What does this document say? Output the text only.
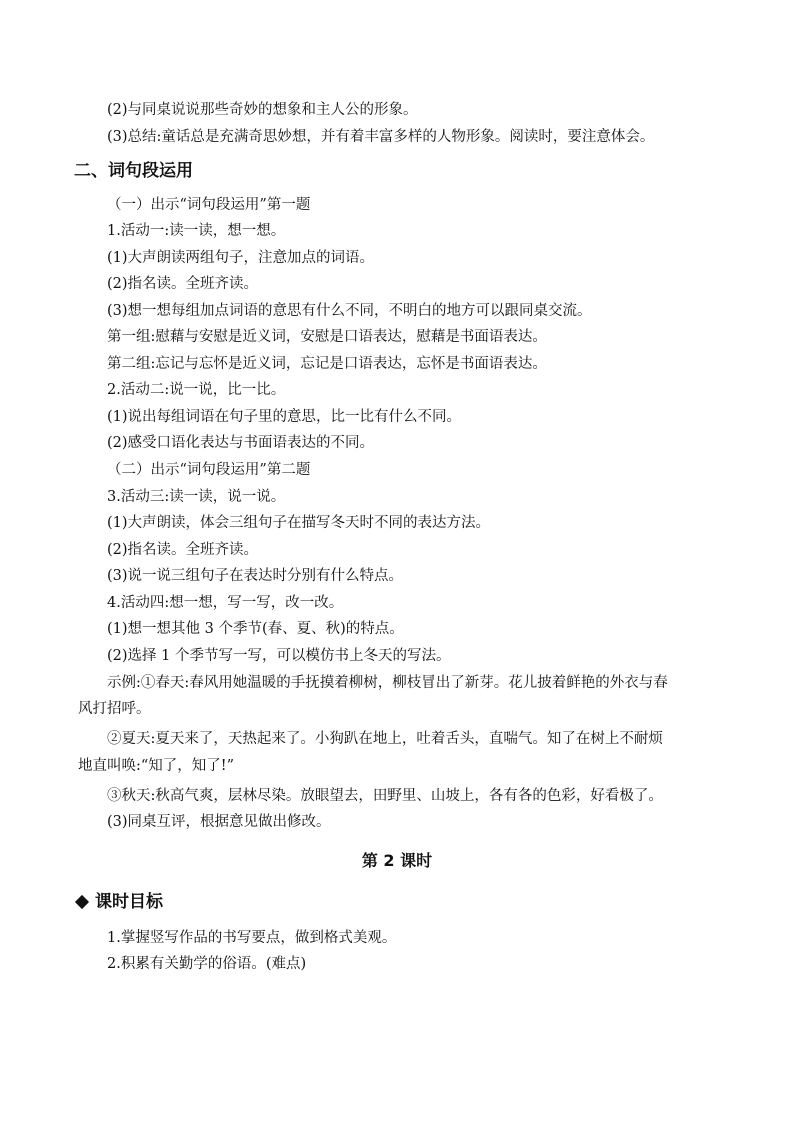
(2)与同桌说说那些奇妙的想象和主人公的形象。
(3)总结:童话总是充满奇思妙想，并有着丰富多样的人物形象。阅读时，要注意体会。
二、词句段运用
（一）出示“词句段运用”第一题
1.活动一:读一读，想一想。
(1)大声朗读两组句子，注意加点的词语。
(2)指名读。全班齐读。
(3)想一想每组加点词语的意思有什么不同，不明白的地方可以跟同桌交流。
第一组:慰藉与安慰是近义词，安慰是口语表达，慰藉是书面语表达。
第二组:忘记与忘怀是近义词，忘记是口语表达，忘怀是书面语表达。
2.活动二:说一说，比一比。
(1)说出每组词语在句子里的意思，比一比有什么不同。
(2)感受口语化表达与书面语表达的不同。
（二）出示“词句段运用”第二题
3.活动三:读一读，说一说。
(1)大声朗读，体会三组句子在描写冬天时不同的表达方法。
(2)指名读。全班齐读。
(3)说一说三组句子在表达时分别有什么特点。
4.活动四:想一想，写一写，改一改。
(1)想一想其他 3 个季节(春、夏、秋)的特点。
(2)选择 1 个季节写一写，可以模仿书上冬天的写法。
示例:①春天:春风用她温暖的手抚摸着柳树，柳枝冒出了新芽。花儿披着鲜艳的外衣与春
风打招呼。
②夏天:夏天来了，天热起来了。小狗趴在地上，吐着舌头，直喘气。知了在树上不耐烦
地直叫唤:“知了，知了!”
③秋天:秋高气爽，层林尽染。放眼望去，田野里、山坡上，各有各的色彩，好看极了。
(3)同桌互评，根据意见做出修改。
第 2 课时
课时目标
1.掌握竖写作品的书写要点，做到格式美观。
2.积累有关勤学的俗语。(难点)
